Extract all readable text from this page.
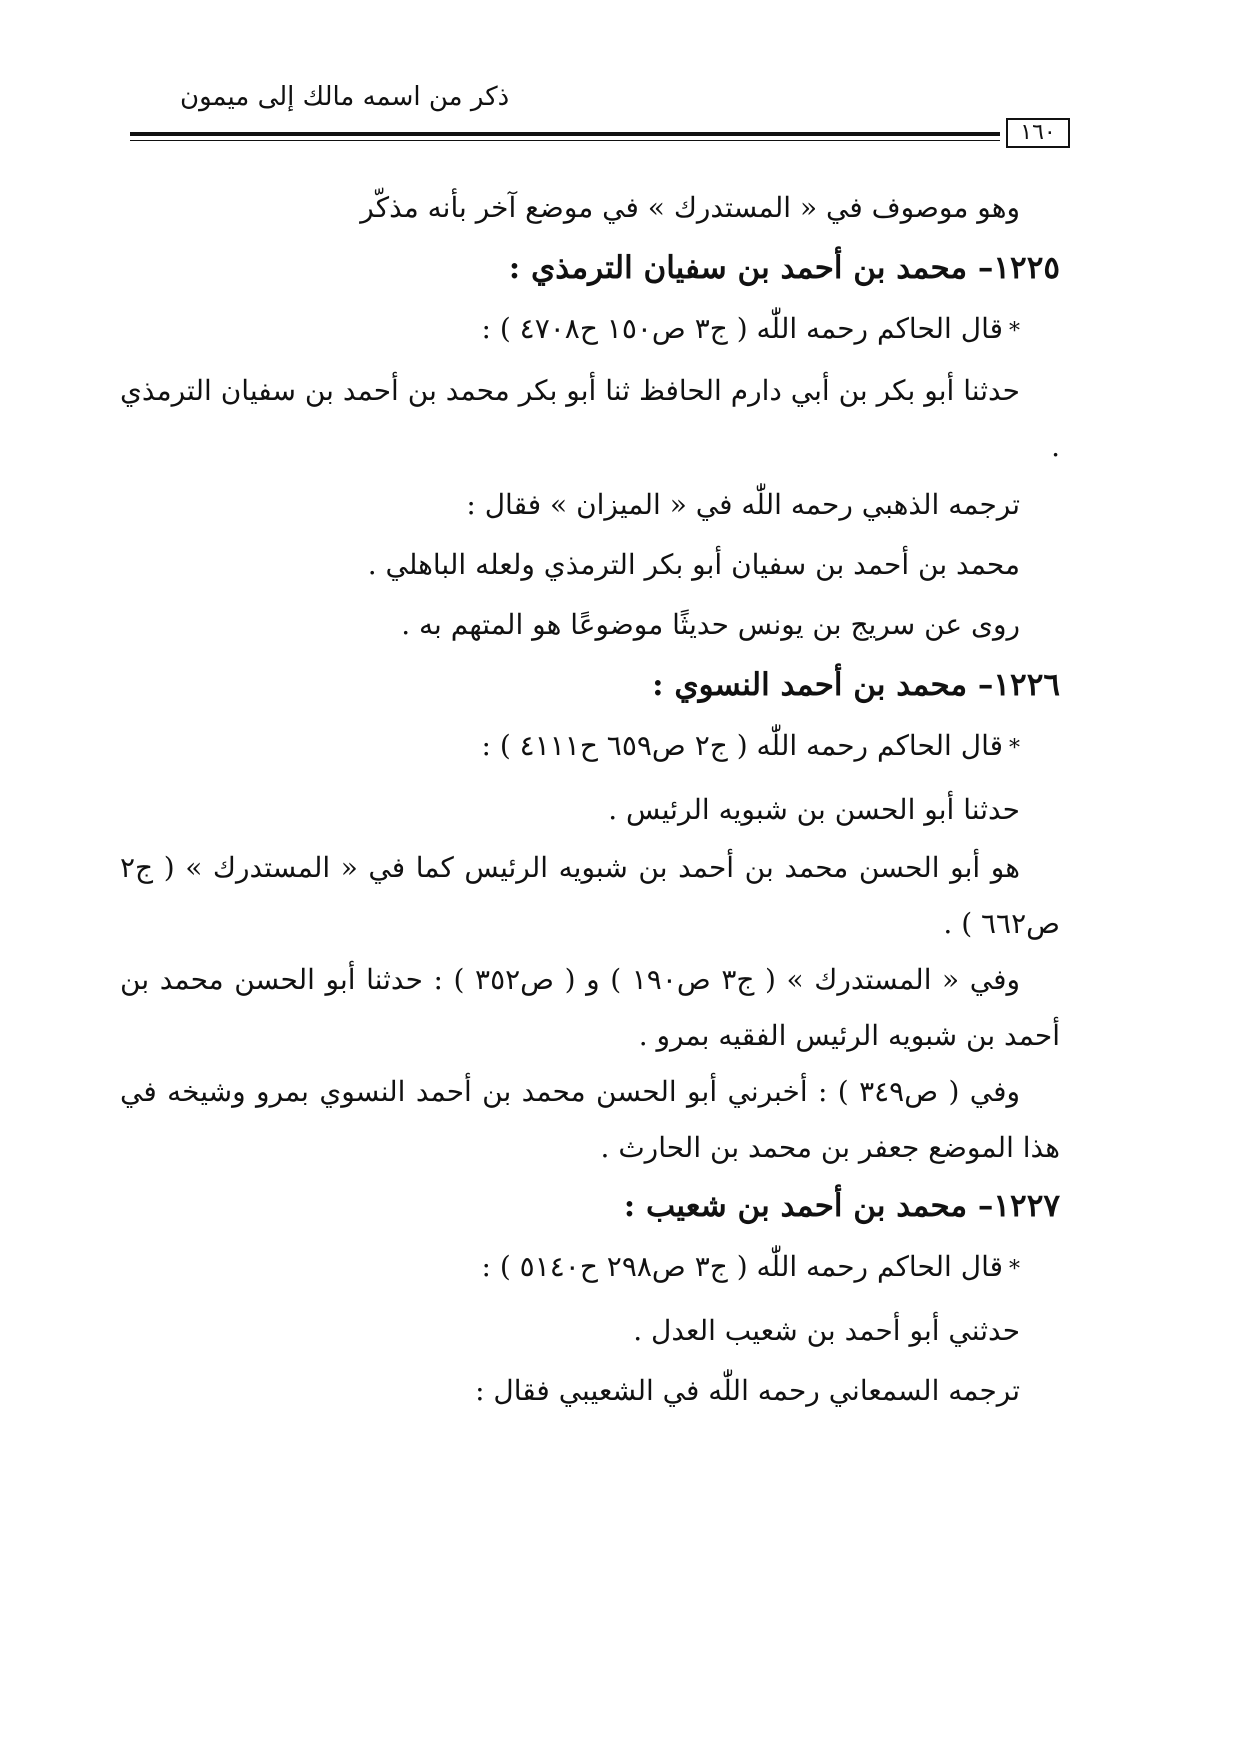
ذكر من اسمه مالك إلى ميمون
١٦٠

وهو موصوف في « المستدرك » في موضع آخر بأنه مذكّر

١٢٢٥– محمد بن أحمد بن سفيان الترمذي :

*قال الحاكم رحمه اللّٰه ( ج٣ ص١٥٠ ح٤٧٠٨ ) :

حدثنا أبو بكر بن أبي دارم الحافظ ثنا أبو بكر محمد بن أحمد بن سفيان الترمذي .

ترجمه الذهبي رحمه اللّٰه في « الميزان » فقال :

محمد بن أحمد بن سفيان أبو بكر الترمذي ولعله الباهلي .

روى عن سريج بن يونس حديثًا موضوعًا هو المتهم به .

١٢٢٦– محمد بن أحمد النسوي :

*قال الحاكم رحمه اللّٰه ( ج٢ ص٦٥٩ ح٤١١١ ) :

حدثنا أبو الحسن بن شبويه الرئيس .

هو أبو الحسن محمد بن أحمد بن شبويه الرئيس كما في « المستدرك » ( ج٢ ص٦٦٢ ) .

وفي « المستدرك » ( ج٣ ص١٩٠ ) و ( ص٣٥٢ ) : حدثنا أبو الحسن محمد بن أحمد بن شبويه الرئيس الفقيه بمرو .

وفي ( ص٣٤٩ ) : أخبرني أبو الحسن محمد بن أحمد النسوي بمرو وشيخه في هذا الموضع جعفر بن محمد بن الحارث .

١٢٢٧– محمد بن أحمد بن شعيب :

*قال الحاكم رحمه اللّٰه ( ج٣ ص٢٩٨ ح٥١٤٠ ) :

حدثني أبو أحمد بن شعيب العدل .

ترجمه السمعاني رحمه اللّٰه في الشعيبي فقال :
